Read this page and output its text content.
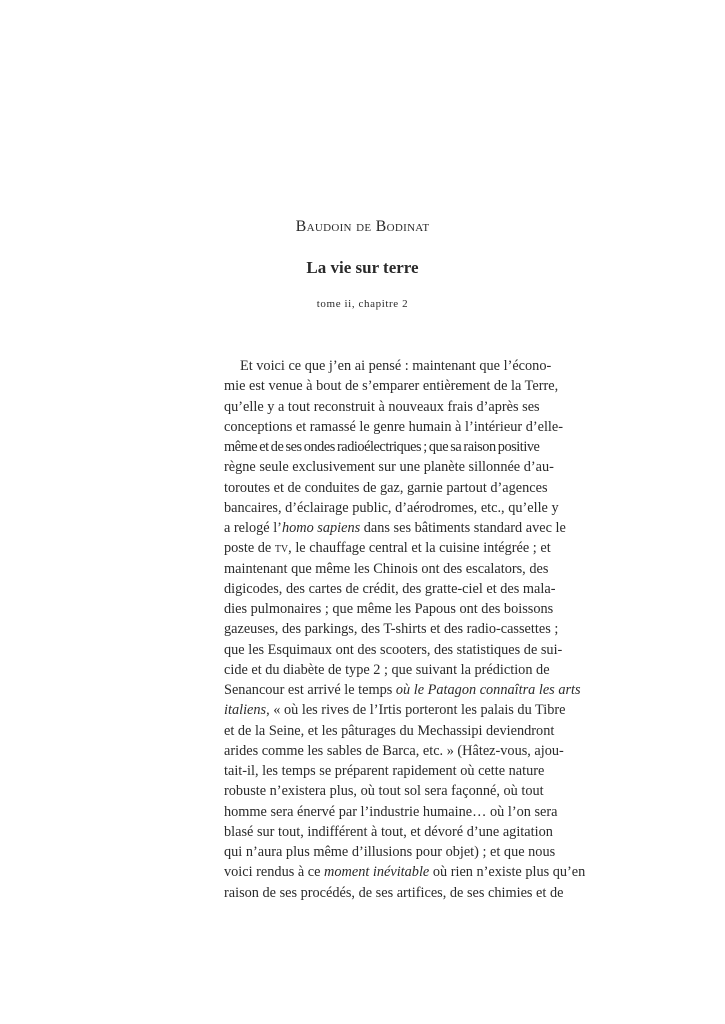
Baudoin de Bodinat
La vie sur terre
tome ii, chapitre 2
Et voici ce que j’en ai pensé : maintenant que l’écono-
mie est venue à bout de s’emparer entièrement de la Terre,
qu’elle y a tout reconstruit à nouveaux frais d’après ses
conceptions et ramassé le genre humain à l’intérieur d’elle-
même et de ses ondes radioélectriques ; que sa raison positive
règne seule exclusivement sur une planète sillonnée d’au-
toroutes et de conduites de gaz, garnie partout d’agences
bancaires, d’éclairage public, d’aérodromes, etc., qu’elle y
a relogé l’homo sapiens dans ses bâtiments standard avec le
poste de tv, le chauffage central et la cuisine intégrée ; et
maintenant que même les Chinois ont des escalators, des
digicodes, des cartes de crédit, des gratte-ciel et des mala-
dies pulmonaires ; que même les Papous ont des boissons
gazeuses, des parkings, des T-shirts et des radio-cassettes ;
que les Esquimaux ont des scooters, des statistiques de sui-
cide et du diabète de type 2 ; que suivant la prédiction de
Senancour est arrivé le temps où le Patagon connaîtra les arts
italiens, « où les rives de l’Irtis porteront les palais du Tibre
et de la Seine, et les pâturages du Mechassipi deviendront
arides comme les sables de Barca, etc. » (Hâtez-vous, ajou-
tait-il, les temps se préparent rapidement où cette nature
robuste n’existera plus, où tout sol sera façonné, où tout
homme sera énervé par l’industrie humaine… où l’on sera
blasé sur tout, indifférent à tout, et dévoré d’une agitation
qui n’aura plus même d’illusions pour objet) ; et que nous
voici rendus à ce moment inévitable où rien n’existe plus qu’en
raison de ses procédés, de ses artifices, de ses chimies et de
